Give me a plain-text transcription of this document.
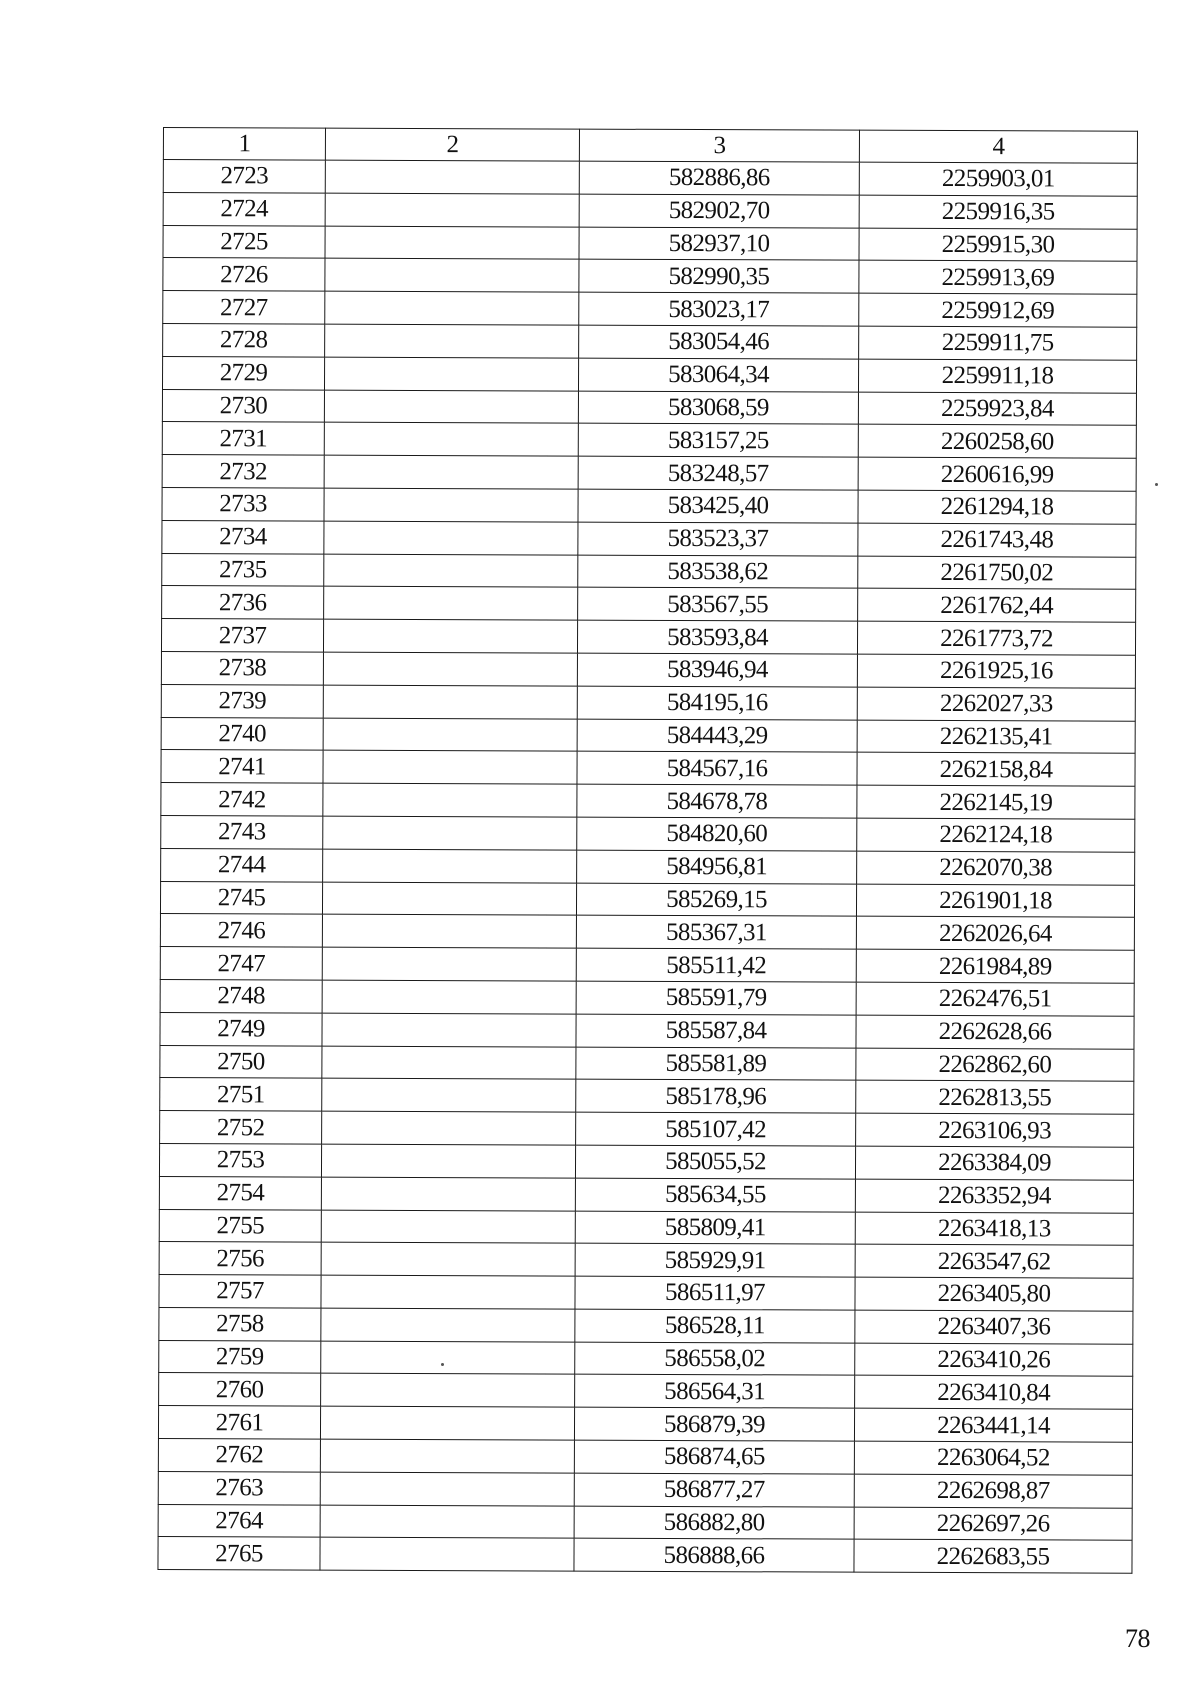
1	2	3	4
2723		582886,86	2259903,01
2724		582902,70	2259916,35
2725		582937,10	2259915,30
2726		582990,35	2259913,69
2727		583023,17	2259912,69
2728		583054,46	2259911,75
2729		583064,34	2259911,18
2730		583068,59	2259923,84
2731		583157,25	2260258,60
2732		583248,57	2260616,99
2733		583425,40	2261294,18
2734		583523,37	2261743,48
2735		583538,62	2261750,02
2736		583567,55	2261762,44
2737		583593,84	2261773,72
2738		583946,94	2261925,16
2739		584195,16	2262027,33
2740		584443,29	2262135,41
2741		584567,16	2262158,84
2742		584678,78	2262145,19
2743		584820,60	2262124,18
2744		584956,81	2262070,38
2745		585269,15	2261901,18
2746		585367,31	2262026,64
2747		585511,42	2261984,89
2748		585591,79	2262476,51
2749		585587,84	2262628,66
2750		585581,89	2262862,60
2751		585178,96	2262813,55
2752		585107,42	2263106,93
2753		585055,52	2263384,09
2754		585634,55	2263352,94
2755		585809,41	2263418,13
2756		585929,91	2263547,62
2757		586511,97	2263405,80
2758		586528,11	2263407,36
2759		586558,02	2263410,26
2760		586564,31	2263410,84
2761		586879,39	2263441,14
2762		586874,65	2263064,52
2763		586877,27	2262698,87
2764		586882,80	2262697,26
2765		586888,66	2262683,55
78
